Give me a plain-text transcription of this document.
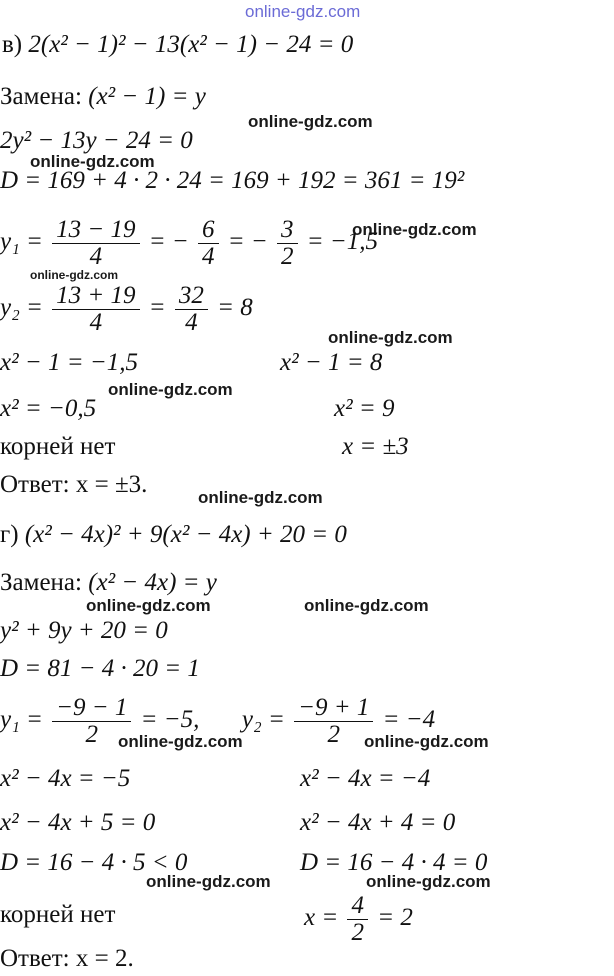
online-gdz.com
online-gdz.com
online-gdz.com
online-gdz.com
online-gdz.com
online-gdz.com
online-gdz.com
online-gdz.com
online-gdz.com	online-gdz.com
online-gdz.com	online-gdz.com
online-gdz.com	online-gdz.com
в) 2(x² − 1)² − 13(x² − 1) − 24 = 0
Замена: (x² − 1) = y
2y² − 13y − 24 = 0
D = 169 + 4 · 2 · 24 = 169 + 192 = 361 = 19²
$y_1 = \frac{13 - 19}{4}$ = − $\frac{6}{4}$ = − $\frac{3}{2} = -1,5$
$y_2 = \frac{13 + 19}{4} = \frac{32}{4} = 8$
x² − 1 = −1,5	x² − 1 = 8
x² = −0,5	x² = 9
корней нет	x = ±3
Ответ: x = ±3.
г) (x² − 4x)² + 9(x² − 4x) + 20 = 0
Замена: (x² − 4x) = y
y² + 9y + 20 = 0
D = 81 − 4 · 20 = 1
$y_1 = \frac{-9 - 1}{2} = -5$, $y_2 = \frac{-9 + 1}{2} = -4$
x² − 4x = −5	x² − 4x = −4
x² − 4x + 5 = 0	x² − 4x + 4 = 0
D = 16 − 4 · 5 < 0	D = 16 − 4 · 4 = 0
корней нет	$x = \frac{4}{2} = 2$
Ответ: x = 2.
